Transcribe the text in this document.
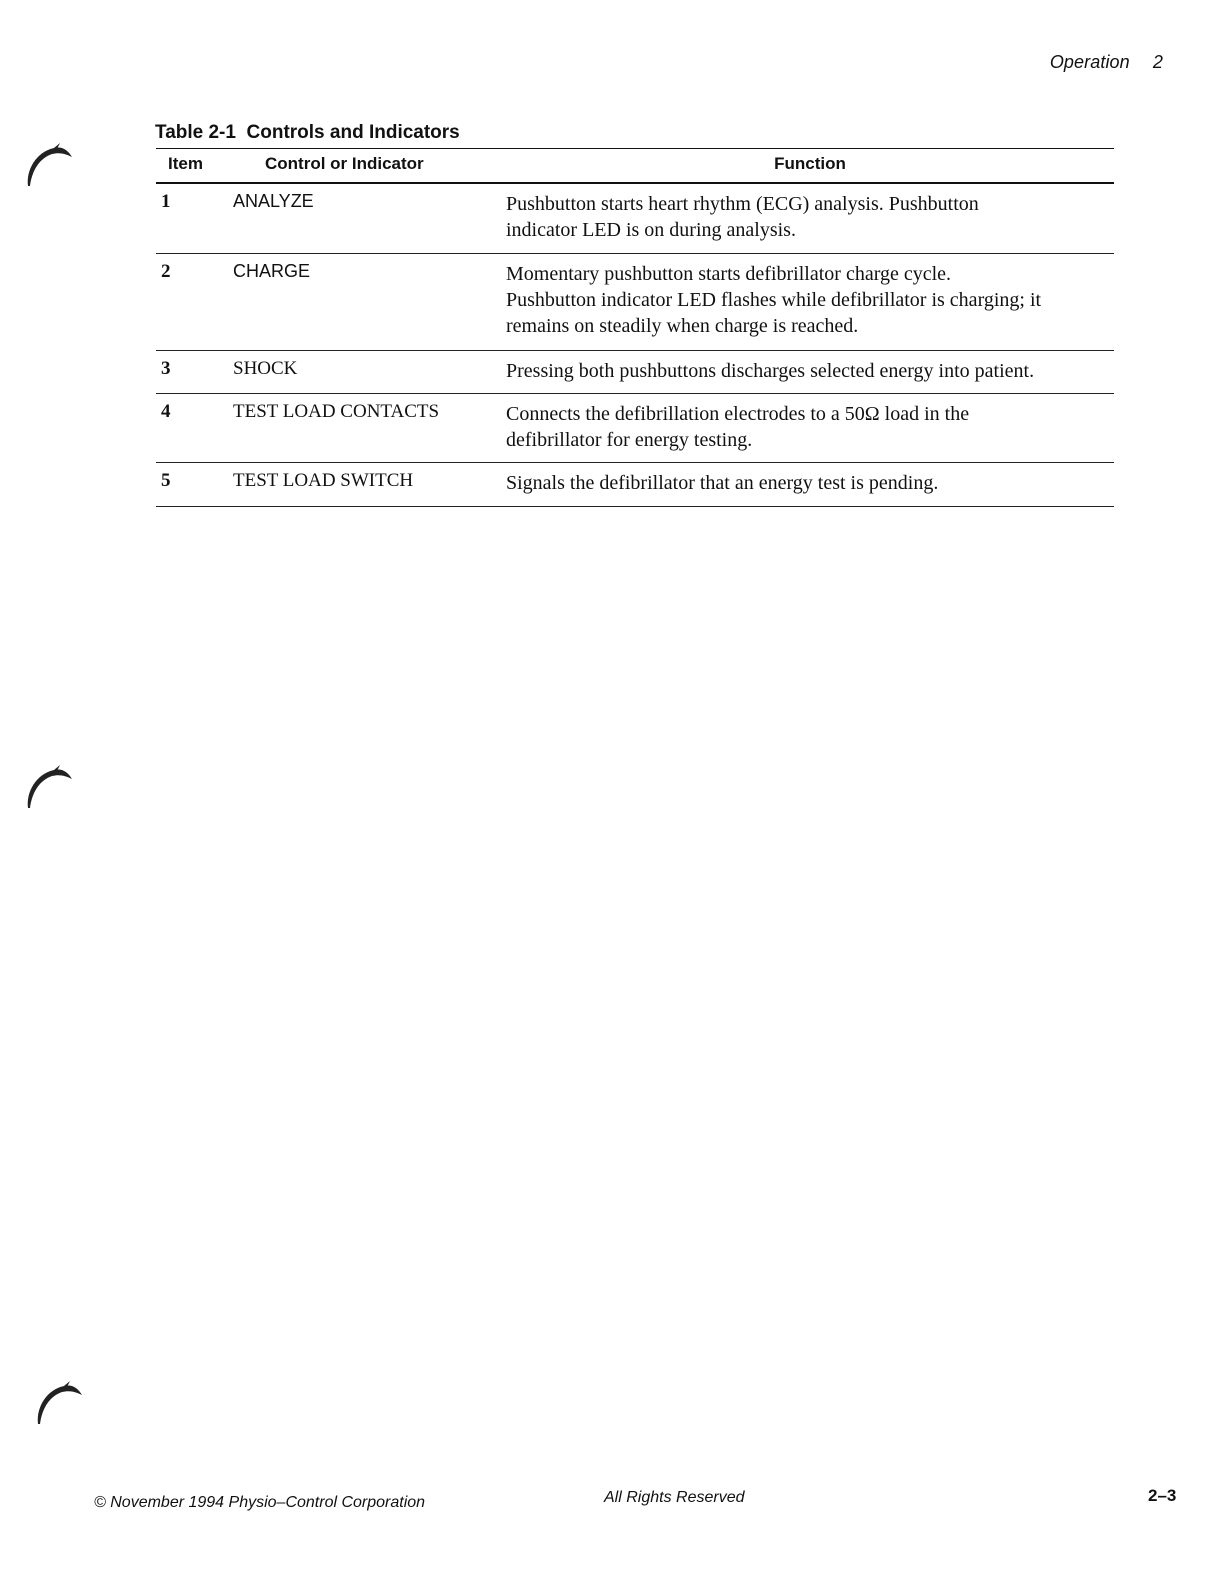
Operation 2
Table 2-1  Controls and Indicators
Item	Control or Indicator	Function
1	ANALYZE	Pushbutton starts heart rhythm (ECG) analysis. Pushbutton
indicator LED is on during analysis.
2	CHARGE	Momentary pushbutton starts defibrillator charge cycle.
Pushbutton indicator LED flashes while defibrillator is charging; it
remains on steadily when charge is reached.
3	SHOCK	Pressing both pushbuttons discharges selected energy into patient.
4	TEST LOAD CONTACTS	Connects the defibrillation electrodes to a 50Ω load in the
defibrillator for energy testing.
5	TEST LOAD SWITCH	Signals the defibrillator that an energy test is pending.
© November 1994 Physio–Control Corporation	All Rights Reserved	2–3
